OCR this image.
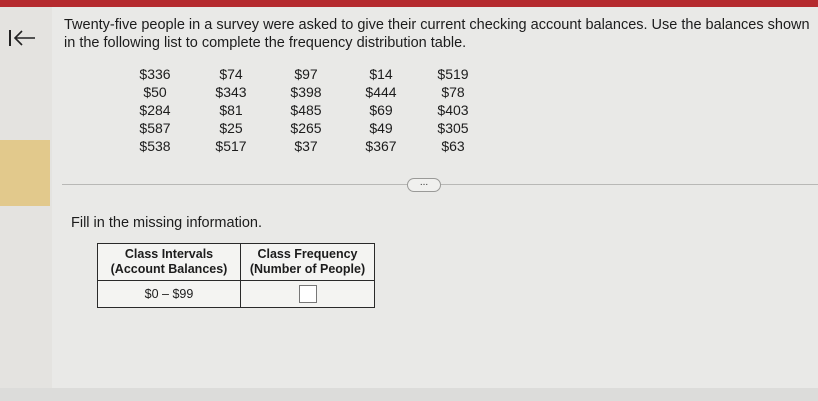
Twenty-five people in a survey were asked to give their current checking account balances. Use the balances shown in the following list to complete the frequency distribution table.
$336	$74	$97	$14	$519
$50	$343	$398	$444	$78
$284	$81	$485	$69	$403
$587	$25	$265	$49	$305
$538	$517	$37	$367	$63
...
Fill in the missing information.
Class Intervals (Account Balances)	Class Frequency (Number of People)
$0 – $99	
